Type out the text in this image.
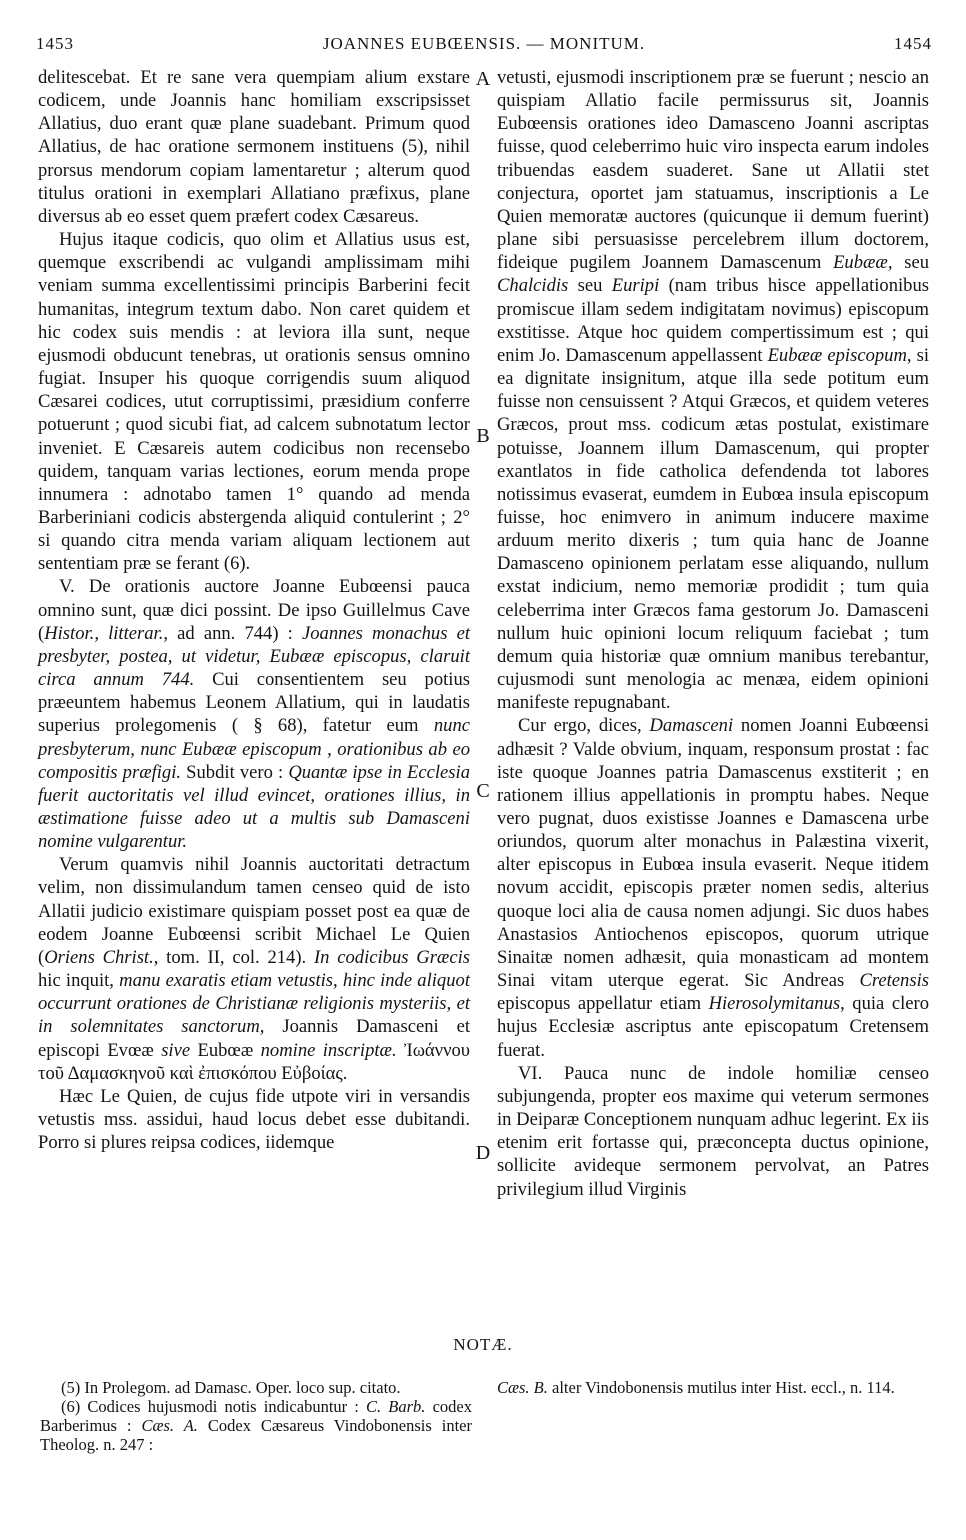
1453	JOANNES EUBŒENSIS. — MONITUM.	1454
A
B
C
D

delitescebat. Et re sane vera quempiam alium exstare codicem, unde Joannis hanc homiliam exscripsisset Allatius, duo erant quæ plane suadebant. Primum quod Allatius, de hac oratione sermonem instituens (5), nihil prorsus mendorum copiam lamentaretur ; alterum quod titulus orationi in exemplari Allatiano præfixus, plane diversus ab eo esset quem præfert codex Cæsareus.

Hujus itaque codicis, quo olim et Allatius usus est, quemque exscribendi ac vulgandi amplissimam mihi veniam summa excellentissimi principis Barberini fecit humanitas, integrum textum dabo. Non caret quidem et hic codex suis mendis : at leviora illa sunt, neque ejusmodi obducunt tenebras, ut orationis sensus omnino fugiat. Insuper his quoque corrigendis suum aliquod Cæsarei codices, utut corruptissimi, præsidium conferre potuerunt ; quod sicubi fiat, ad calcem subnotatum lector inveniet. E Cæsareis autem codicibus non recensebo quidem, tanquam varias lectiones, eorum menda prope innumera : adnotabo tamen 1° quando ad menda Barberiniani codicis abstergenda aliquid contulerint ; 2° si quando citra menda variam aliquam lectionem aut sententiam præ se ferant (6).

V. De orationis auctore Joanne Eubœensi pauca omnino sunt, quæ dici possint. De ipso Guillelmus Cave (Histor., litterar., ad ann. 744) : Joannes monachus et presbyter, postea, ut videtur, Eubææ episcopus, claruit circa annum 744. Cui consentientem seu potius præeuntem habemus Leonem Allatium, qui in laudatis superius prolegomenis ( § 68), fatetur eum nunc presbyterum, nunc Eubææ episcopum , orationibus ab eo compositis præfigi. Subdit vero : Quantæ ipse in Ecclesia fuerit auctoritatis vel illud evincet, orationes illius, in æstimatione fuisse adeo ut a multis sub Damasceni nomine vulgarentur.

Verum quamvis nihil Joannis auctoritati detractum velim, non dissimulandum tamen censeo quid de isto Allatii judicio existimare quispiam posset post ea quæ de eodem Joanne Eubœensi scribit Michael Le Quien (Oriens Christ., tom. II, col. 214). In codicibus Græcis hic inquit, manu exaratis etiam vetustis, hinc inde aliquot occurrunt orationes de Christianæ religionis mysteriis, et in solemnitates sanctorum, Joannis Damasceni et episcopi Evœæ sive Eubœæ nomine inscriptæ. Ἰωάννου τοῦ Δαμασκηνοῦ καὶ ἐπισκόπου Εὐβοίας.

Hæc Le Quien, de cujus fide utpote viri in versandis vetustis mss. assidui, haud locus debet esse dubitandi. Porro si plures reipsa codices, iidemque

vetusti, ejusmodi inscriptionem præ se fuerunt ; nescio an quispiam Allatio facile permissurus sit, Joannis Eubœensis orationes ideo Damasceno Joanni ascriptas fuisse, quod celeberrimo huic viro inspecta earum indoles tribuendas easdem suaderet. Sane ut Allatii stet conjectura, oportet jam statuamus, inscriptionis a Le Quien memoratæ auctores (quicunque ii demum fuerint) plane sibi persuasisse percelebrem illum doctorem, fideique pugilem Joannem Damascenum Eubææ, seu Chalcidis seu Euripi (nam tribus hisce appellationibus promiscue illam sedem indigitatam novimus) episcopum exstitisse. Atque hoc quidem compertissimum est ; qui enim Jo. Damascenum appellassent Eubææ episcopum, si ea dignitate insignitum, atque illa sede potitum eum fuisse non censuissent ? Atqui Græcos, et quidem veteres Græcos, prout mss. codicum ætas postulat, existimare potuisse, Joannem illum Damascenum, qui propter exantlatos in fide catholica defendenda tot labores notissimus evaserat, eumdem in Eubœa insula episcopum fuisse, hoc enimvero in animum inducere maxime arduum merito dixeris ; tum quia hanc de Joanne Damasceno opinionem perlatam esse aliquando, nullum exstat indicium, nemo memoriæ prodidit ; tum quia celeberrima inter Græcos fama gestorum Jo. Damasceni nullum huic opinioni locum reliquum faciebat ; tum demum quia historiæ quæ omnium manibus terebantur, cujusmodi sunt menologia ac menæa, eidem opinioni manifeste repugnabant.

Cur ergo, dices, Damasceni nomen Joanni Eubœensi adhæsit ? Valde obvium, inquam, responsum prostat : fac iste quoque Joannes patria Damascenus exstiterit ; en rationem illius appellationis in promptu habes. Neque vero pugnat, duos existisse Joannes e Damascena urbe oriundos, quorum alter monachus in Palæstina vixerit, alter episcopus in Eubœa insula evaserit. Neque itidem novum accidit, episcopis præter nomen sedis, alterius quoque loci alia de causa nomen adjungi. Sic duos habes Anastasios Antiochenos episcopos, quorum utrique Sinaitæ nomen adhæsit, quia monasticam ad montem Sinai vitam uterque egerat. Sic Andreas Cretensis episcopus appellatur etiam Hierosolymitanus, quia clero hujus Ecclesiæ ascriptus ante episcopatum Cretensem fuerat.

VI. Pauca nunc de indole homiliæ censeo subjungenda, propter eos maxime qui veterum sermones in Deiparæ Conceptionem nunquam adhuc legerint. Ex iis etenim erit fortasse qui, præconcepta ductus opinione, sollicite avideque sermonem pervolvat, an Patres privilegium illud Virginis

NOTÆ.

(5) In Prolegom. ad Damasc. Oper. loco sup. citato.

(6) Codices hujusmodi notis indicabuntur : C. Barb. codex Barberimus : Cæs. A. Codex Cæsareus Vindobonensis inter Theolog. n. 247 :

Cæs. B. alter Vindobonensis mutilus inter Hist. eccl., n. 114.
